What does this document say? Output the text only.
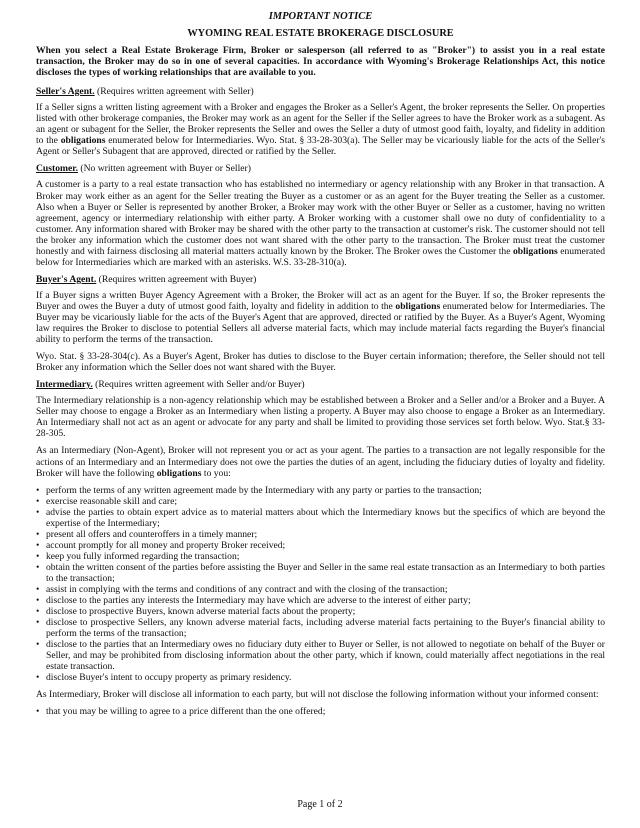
IMPORTANT NOTICE
WYOMING REAL ESTATE BROKERAGE DISCLOSURE
When you select a Real Estate Brokerage Firm, Broker or salesperson (all referred to as "Broker") to assist you in a real estate transaction, the Broker may do so in one of several capacities. In accordance with Wyoming's Brokerage Relationships Act, this notice discloses the types of working relationships that are available to you.
Seller's Agent. (Requires written agreement with Seller)

If a Seller signs a written listing agreement with a Broker and engages the Broker as a Seller's Agent, the broker represents the Seller. On properties listed with other brokerage companies, the Broker may work as an agent for the Seller if the Seller agrees to have the Broker work as a subagent. As an agent or subagent for the Seller, the Broker represents the Seller and owes the Seller a duty of utmost good faith, loyalty, and fidelity in addition to the obligations enumerated below for Intermediaries. Wyo. Stat. § 33-28-303(a). The Seller may be vicariously liable for the acts of the Seller's Agent or Seller's Subagent that are approved, directed or ratified by the Seller.

Customer. (No written agreement with Buyer or Seller)

A customer is a party to a real estate transaction who has established no intermediary or agency relationship with any Broker in that transaction. A Broker may work either as an agent for the Seller treating the Buyer as a customer or as an agent for the Buyer treating the Seller as a customer. Also when a Buyer or Seller is represented by another Broker, a Broker may work with the other Buyer or Seller as a customer, having no written agreement, agency or intermediary relationship with either party. A Broker working with a customer shall owe no duty of confidentiality to a customer. Any information shared with Broker may be shared with the other party to the transaction at customer's risk. The customer should not tell the broker any information which the customer does not want shared with the other party to the transaction. The Broker must treat the customer honestly and with fairness disclosing all material matters actually known by the Broker. The Broker owes the Customer the obligations enumerated below for Intermediaries which are marked with an asterisks. W.S. 33-28-310(a).

Buyer's Agent. (Requires written agreement with Buyer)

If a Buyer signs a written Buyer Agency Agreement with a Broker, the Broker will act as an agent for the Buyer. If so, the Broker represents the Buyer and owes the Buyer a duty of utmost good faith, loyalty and fidelity in addition to the obligations enumerated below for Intermediaries. The Buyer may be vicariously liable for the acts of the Buyer's Agent that are approved, directed or ratified by the Buyer. As a Buyer's Agent, Wyoming law requires the Broker to disclose to potential Sellers all adverse material facts, which may include material facts regarding the Buyer's financial ability to perform the terms of the transaction.

Wyo. Stat. § 33-28-304(c). As a Buyer's Agent, Broker has duties to disclose to the Buyer certain information; therefore, the Seller should not tell Broker any information which the Seller does not want shared with the Buyer.

Intermediary. (Requires written agreement with Seller and/or Buyer)

The Intermediary relationship is a non-agency relationship which may be established between a Broker and a Seller and/or a Broker and a Buyer. A Seller may choose to engage a Broker as an Intermediary when listing a property. A Buyer may also choose to engage a Broker as an Intermediary. An Intermediary shall not act as an agent or advocate for any party and shall be limited to providing those services set forth below. Wyo. Stat.§ 33-28-305.

As an Intermediary (Non-Agent), Broker will not represent you or act as your agent. The parties to a transaction are not legally responsible for the actions of an Intermediary and an Intermediary does not owe the parties the duties of an agent, including the fiduciary duties of loyalty and fidelity. Broker will have the following obligations to you:

• perform the terms of any written agreement made by the Intermediary with any party or parties to the transaction;
• exercise reasonable skill and care;
• advise the parties to obtain expert advice as to material matters about which the Intermediary knows but the specifics of which are beyond the expertise of the Intermediary;
• present all offers and counteroffers in a timely manner;
• account promptly for all money and property Broker received;
• keep you fully informed regarding the transaction;
• obtain the written consent of the parties before assisting the Buyer and Seller in the same real estate transaction as an Intermediary to both parties to the transaction;
• assist in complying with the terms and conditions of any contract and with the closing of the transaction;
• disclose to the parties any interests the Intermediary may have which are adverse to the interest of either party;
• disclose to prospective Buyers, known adverse material facts about the property;
• disclose to prospective Sellers, any known adverse material facts, including adverse material facts pertaining to the Buyer's financial ability to perform the terms of the transaction;
• disclose to the parties that an Intermediary owes no fiduciary duty either to Buyer or Seller, is not allowed to negotiate on behalf of the Buyer or Seller, and may be prohibited from disclosing information about the other party, which if known, could materially affect negotiations in the real estate transaction.
• disclose Buyer's intent to occupy property as primary residency.

As Intermediary, Broker will disclose all information to each party, but will not disclose the following information without your informed consent:

• that you may be willing to agree to a price different than the one offered;
Page 1 of 2
